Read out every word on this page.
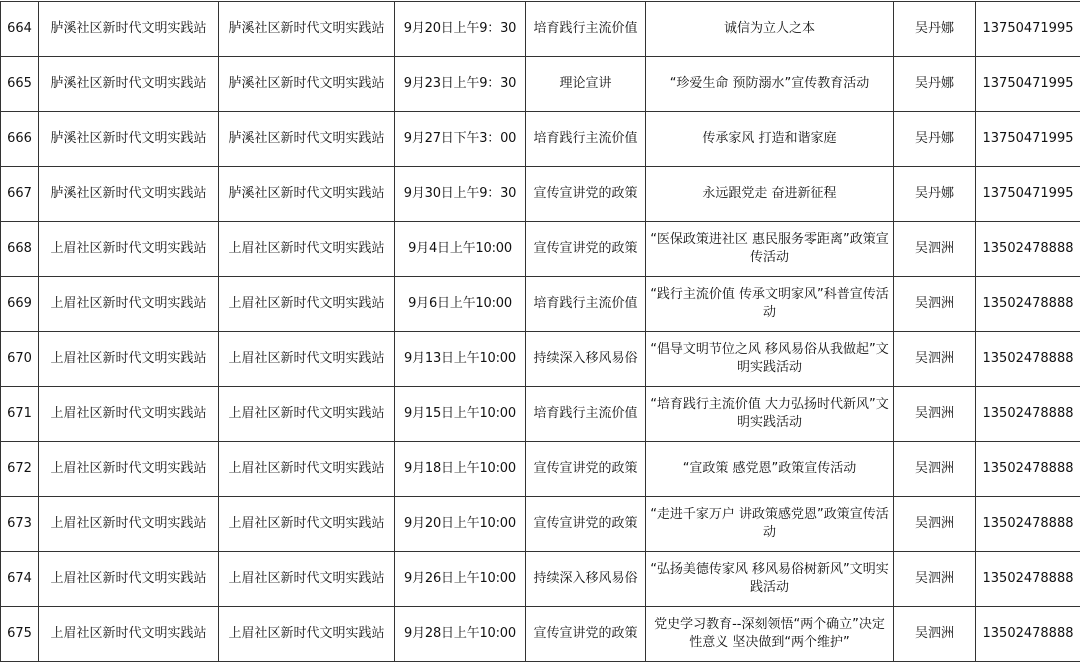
664	胪溪社区新时代文明实践站	胪溪社区新时代文明实践站	9月20日上午9：30	培育践行主流价值	诚信为立人之本	吴丹娜	13750471995
665	胪溪社区新时代文明实践站	胪溪社区新时代文明实践站	9月23日上午9：30	理论宣讲	“珍爱生命 预防溺水”宣传教育活动	吴丹娜	13750471995
666	胪溪社区新时代文明实践站	胪溪社区新时代文明实践站	9月27日下午3：00	培育践行主流价值	传承家风 打造和谐家庭	吴丹娜	13750471995
667	胪溪社区新时代文明实践站	胪溪社区新时代文明实践站	9月30日上午9：30	宣传宣讲党的政策	永远跟党走 奋进新征程	吴丹娜	13750471995
668	上眉社区新时代文明实践站	上眉社区新时代文明实践站	9月4日上午10:00	宣传宣讲党的政策	“医保政策进社区 惠民服务零距离”政策宣传活动	吴泗洲	13502478888
669	上眉社区新时代文明实践站	上眉社区新时代文明实践站	9月6日上午10:00	培育践行主流价值	“践行主流价值 传承文明家风”科普宣传活动	吴泗洲	13502478888
670	上眉社区新时代文明实践站	上眉社区新时代文明实践站	9月13日上午10:00	持续深入移风易俗	“倡导文明节位之风 移风易俗从我做起”文明实践活动	吴泗洲	13502478888
671	上眉社区新时代文明实践站	上眉社区新时代文明实践站	9月15日上午10:00	培育践行主流价值	“培育践行主流价值 大力弘扬时代新风”文明实践活动	吴泗洲	13502478888
672	上眉社区新时代文明实践站	上眉社区新时代文明实践站	9月18日上午10:00	宣传宣讲党的政策	“宣政策 感党恩”政策宣传活动	吴泗洲	13502478888
673	上眉社区新时代文明实践站	上眉社区新时代文明实践站	9月20日上午10:00	宣传宣讲党的政策	“走进千家万户 讲政策感党恩”政策宣传活动	吴泗洲	13502478888
674	上眉社区新时代文明实践站	上眉社区新时代文明实践站	9月26日上午10:00	持续深入移风易俗	“弘扬美德传家风 移风易俗树新风”文明实践活动	吴泗洲	13502478888
675	上眉社区新时代文明实践站	上眉社区新时代文明实践站	9月28日上午10:00	宣传宣讲党的政策	党史学习教育--深刻领悟“两个确立”决定性意义 坚决做到“两个维护”	吴泗洲	13502478888
